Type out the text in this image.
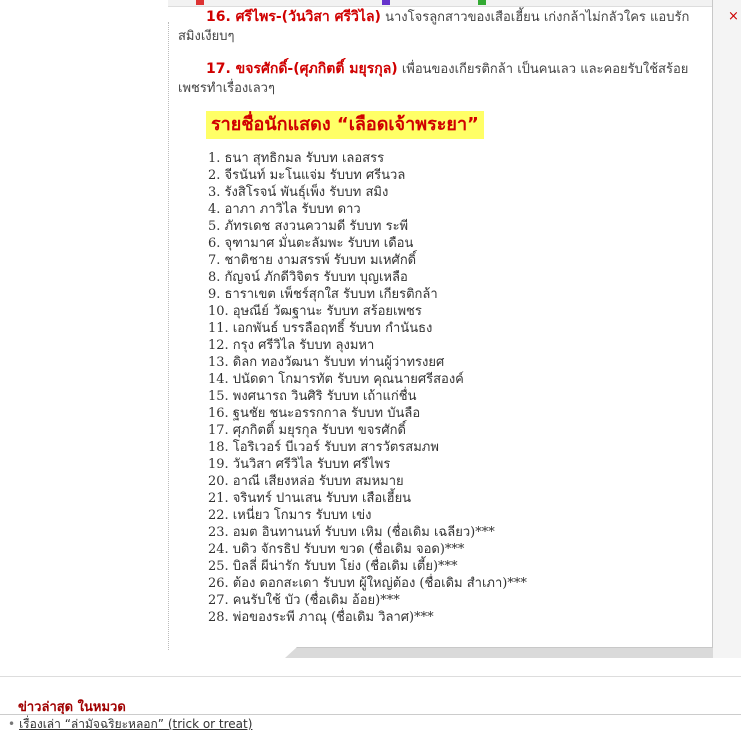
×

16. ศรีไพร-(วันวิสา ศรีวิไล) นางโจรลูกสาวของเสือเฮี้ยน เก่งกล้าไม่กลัวใคร แอบรักสมิงเงียบๆ

17. ขจรศักดิ์-(ศุภกิตติ์ มยุรกุล) เพื่อนของเกียรติกล้า เป็นคนเลว และคอยรับใช้สร้อยเพชรทำเรื่องเลวๆ

รายชื่อนักแสดง “เลือดเจ้าพระยา”
1. ธนา สุทธิกมล รับบท เลอสรร
2. จีรนันท์ มะโนแจ่ม รับบท ศรีนวล
3. รังสิโรจน์ พันธุ์เพ็ง รับบท สมิง
4. อาภา ภาวิไล รับบท ดาว
5. ภัทรเดช สงวนความดี รับบท ระพี
6. จุฑามาศ มั่นตะลัมพะ รับบท เดือน
7. ชาติชาย งามสรรพ์ รับบท มเหศักดิ์
8. กัญจน์ ภักดีวิจิตร รับบท บุญเหลือ
9. ธาราเขต เพ็ชร์สุกใส รับบท เกียรติกล้า
10. อุษณีย์ วัฒฐานะ รับบท สร้อยเพชร
11. เอกพันธ์ บรรลือฤทธิ์ รับบท กำนันธง
12. กรุง ศรีวิไล รับบท ลุงมหา
13. ดิลก ทองวัฒนา รับบท ท่านผู้ว่าทรงยศ
14. ปนัดดา โกมารทัต รับบท คุณนายศรีสองค์
15. พงศนารถ วินศิริ รับบท เถ้าแก่ชื่น
16. ฐนชัย ชนะอรรกกาล รับบท บันลือ
17. ศุภกิตติ์ มยุรกุล รับบท ขจรศักดิ์
18. โอริเวอร์ บีเวอร์ รับบท สารวัตรสมภพ
19. วันวิสา ศรีวิไล รับบท ศรีไพร
20. อาณี เสียงหล่อ รับบท สมหมาย
21. จรินทร์ ปานเสน รับบท เสือเฮี้ยน
22. เหนี่ยว โกมาร รับบท เข่ง
23. อมต อินทานนท์ รับบท เหิม (ชื่อเดิม เฉลียว)***
24. บดิว จักรธิป รับบท ขวด (ชื่อเดิม จอด)***
25. บิลลี่ ผีน่ารัก รับบท โย่ง (ชื่อเดิม เตี้ย)***
26. ต้อง ดอกสะเดา รับบท ผู้ใหญ่ต้อง (ชื่อเดิม สำเภา)***
27. คนรับใช้ บัว (ชื่อเดิม อ้อย)***
28. พ่อของระพี ภาณุ (ชื่อเดิม วิลาศ)***
ข่าวล่าสุด ในหมวด
• เรื่องเล่า “ล่ามัจฉริยะหลอก” (trick or treat)
